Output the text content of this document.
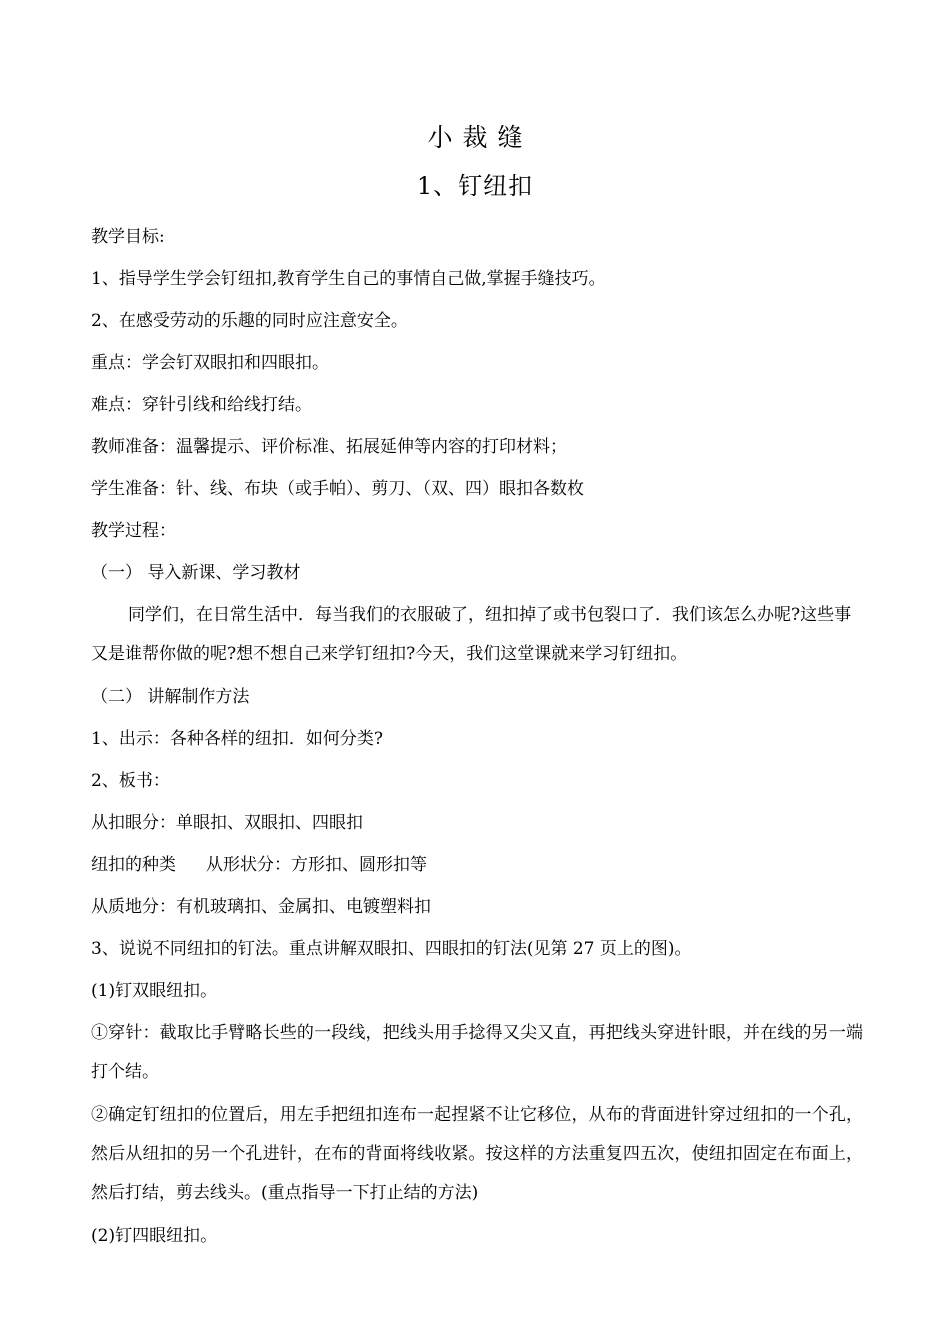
小裁缝
1、钉纽扣

教学目标:

1、指导学生学会钉纽扣,教育学生自己的事情自己做,掌握手缝技巧。

2、在感受劳动的乐趣的同时应注意安全。

重点：学会钉双眼扣和四眼扣。

难点：穿针引线和给线打结。

教师准备：温馨提示、评价标准、拓展延伸等内容的打印材料；

学生准备：针、线、布块（或手帕）、剪刀、（双、四）眼扣各数枚

教学过程：

（一） 导入新课、学习教材

同学们，在日常生活中．每当我们的衣服破了，纽扣掉了或书包裂口了．我们该怎么办呢?这些事又是谁帮你做的呢?想不想自己来学钉纽扣?今天，我们这堂课就来学习钉纽扣。

（二） 讲解制作方法

1、出示：各种各样的纽扣．如何分类?

2、板书：

从扣眼分：单眼扣、双眼扣、四眼扣

纽扣的种类 从形状分：方形扣、圆形扣等

从质地分：有机玻璃扣、金属扣、电镀塑料扣

3、说说不同纽扣的钉法。重点讲解双眼扣、四眼扣的钉法(见第 27 页上的图)。

(1)钉双眼纽扣。

①穿针：截取比手臂略长些的一段线，把线头用手捻得又尖又直，再把线头穿进针眼，并在线的另一端打个结。

②确定钉纽扣的位置后，用左手把纽扣连布一起捏紧不让它移位，从布的背面进针穿过纽扣的一个孔，然后从纽扣的另一个孔进针，在布的背面将线收紧。按这样的方法重复四五次，使纽扣固定在布面上，然后打结，剪去线头。(重点指导一下打止结的方法)

(2)钉四眼纽扣。
